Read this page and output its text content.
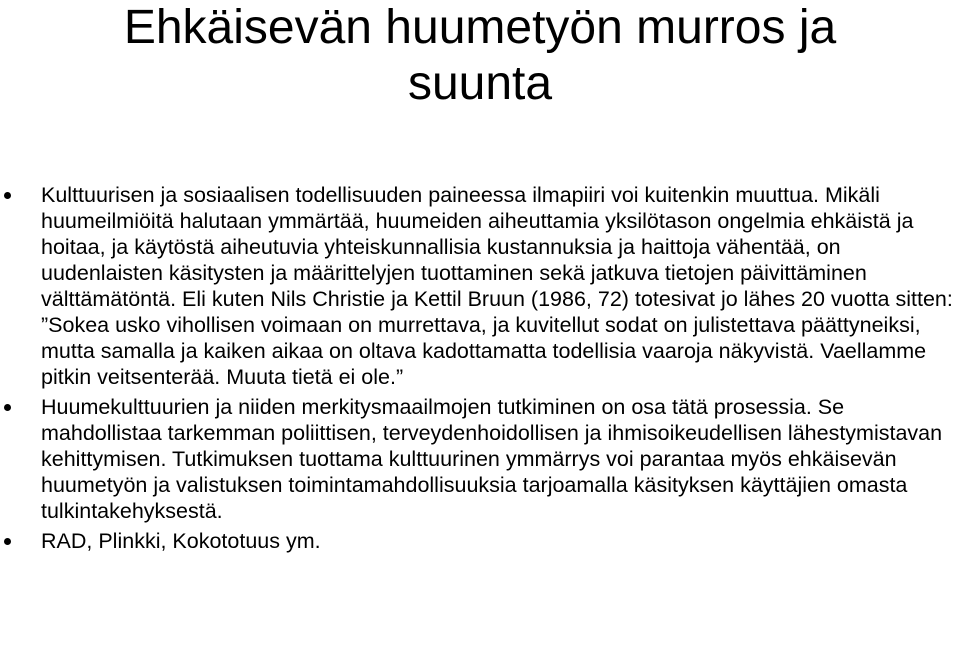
Ehkäisevän huumetyön murros ja
suunta
Kulttuurisen ja sosiaalisen todellisuuden paineessa ilmapiiri voi kuitenkin muuttua. Mikäli huumeilmiöitä halutaan ymmärtää, huumeiden aiheuttamia yksilötason ongelmia ehkäistä ja hoitaa, ja käytöstä aiheutuvia yhteiskunnallisia kustannuksia ja haittoja vähentää, on uudenlaisten käsitysten ja määrittelyjen tuottaminen sekä jatkuva tietojen päivittäminen välttämätöntä. Eli kuten Nils Christie ja Kettil Bruun (1986, 72) totesivat jo lähes 20 vuotta sitten: ”Sokea usko vihollisen voimaan on murrettava, ja kuvitellut sodat on julistettava päättyneiksi, mutta samalla ja kaiken aikaa on oltava kadottamatta todellisia vaaroja näkyvistä. Vaellamme pitkin veitsenterää. Muuta tietä ei ole.”
Huumekulttuurien ja niiden merkitysmaailmojen tutkiminen on osa tätä prosessia. Se mahdollistaa tarkemman poliittisen, terveydenhoidollisen ja ihmisoikeudellisen lähestymistavan kehittymisen. Tutkimuksen tuottama kulttuurinen ymmärrys voi parantaa myös ehkäisevän huumetyön ja valistuksen toimintamahdollisuuksia tarjoamalla käsityksen käyttäjien omasta tulkintakehyksestä.
RAD, Plinkki, Kokototuus ym.
